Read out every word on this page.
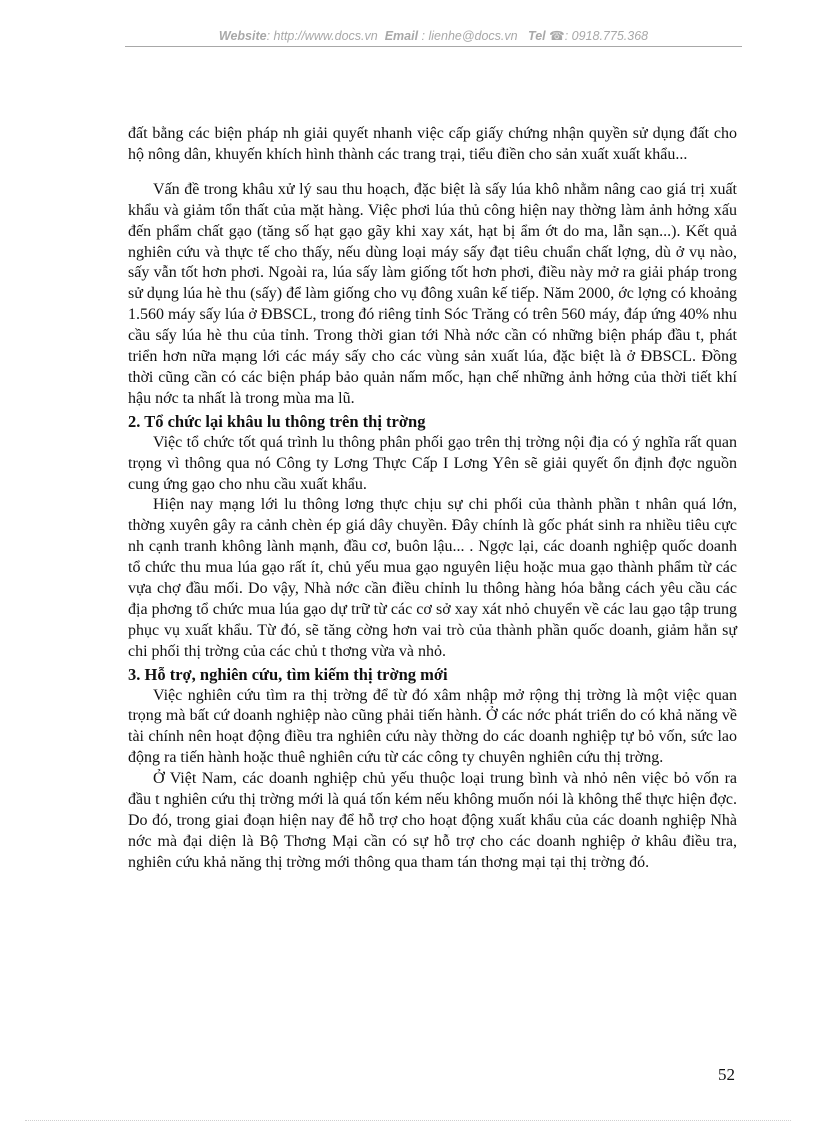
Website: http://www.docs.vn Email : lienhe@docs.vn Tel ☎: 0918.775.368

đất bằng các biện pháp nh giải quyết nhanh việc cấp giấy chứng nhận quyền sử dụng đất cho hộ nông dân, khuyến khích hình thành các trang trại, tiểu điền cho sản xuất xuất khẩu...

Vấn đề trong khâu xử lý sau thu hoạch, đặc biệt là sấy lúa khô nhằm nâng cao giá trị xuất khẩu và giảm tổn thất của mặt hàng. Việc phơi lúa thủ công hiện nay thờng làm ảnh hởng xấu đến phẩm chất gạo (tăng số hạt gạo gãy khi xay xát, hạt bị ẩm ớt do ma, lẫn sạn...). Kết quả nghiên cứu và thực tế cho thấy, nếu dùng loại máy sấy đạt tiêu chuẩn chất lợng, dù ở vụ nào, sấy vẫn tốt hơn phơi. Ngoài ra, lúa sấy làm giống tốt hơn phơi, điều này mở ra giải pháp trong sử dụng lúa hè thu (sấy) để làm giống cho vụ đông xuân kế tiếp. Năm 2000, ớc lợng có khoảng 1.560 máy sấy lúa ở ĐBSCL, trong đó riêng tỉnh Sóc Trăng có trên 560 máy, đáp ứng 40% nhu cầu sấy lúa hè thu của tỉnh. Trong thời gian tới Nhà nớc cần có những biện pháp đầu t, phát triển hơn nữa mạng lới các máy sấy cho các vùng sản xuất lúa, đặc biệt là ở ĐBSCL. Đồng thời cũng cần có các biện pháp bảo quản nấm mốc, hạn chế những ảnh hởng của thời tiết khí hậu nớc ta nhất là trong mùa ma lũ.

2. Tổ chức lại khâu lu thông trên thị trờng

Việc tổ chức tốt quá trình lu thông phân phối gạo trên thị trờng nội địa có ý nghĩa rất quan trọng vì thông qua nó Công ty Lơng Thực Cấp I Lơng Yên sẽ giải quyết ổn định đợc nguồn cung ứng gạo cho nhu cầu xuất khẩu.

Hiện nay mạng lới lu thông lơng thực chịu sự chi phối của thành phần t nhân quá lớn, thờng xuyên gây ra cảnh chèn ép giá dây chuyền. Đây chính là gốc phát sinh ra nhiều tiêu cực nh cạnh tranh không lành mạnh, đầu cơ, buôn lậu... . Ngợc lại, các doanh nghiệp quốc doanh tổ chức thu mua lúa gạo rất ít, chủ yếu mua gạo nguyên liệu hoặc mua gạo thành phẩm từ các vựa chợ đầu mối. Do vậy, Nhà nớc cần điều chỉnh lu thông hàng hóa bằng cách yêu cầu các địa phơng tổ chức mua lúa gạo dự trữ từ các cơ sở xay xát nhỏ chuyển về các lau gạo tập trung phục vụ xuất khẩu. Từ đó, sẽ tăng cờng hơn vai trò của thành phần quốc doanh, giảm hẳn sự chi phối thị trờng của các chủ t thơng vừa và nhỏ.

3. Hỗ trợ, nghiên cứu, tìm kiếm thị trờng mới

Việc nghiên cứu tìm ra thị trờng để từ đó xâm nhập mở rộng thị trờng là một việc quan trọng mà bất cứ doanh nghiệp nào cũng phải tiến hành. Ở các nớc phát triển do có khả năng về tài chính nên hoạt động điều tra nghiên cứu này thờng do các doanh nghiệp tự bỏ vốn, sức lao động ra tiến hành hoặc thuê nghiên cứu từ các công ty chuyên nghiên cứu thị trờng.

Ở Việt Nam, các doanh nghiệp chủ yếu thuộc loại trung bình và nhỏ nên việc bỏ vốn ra đầu t nghiên cứu thị trờng mới là quá tốn kém nếu không muốn nói là không thể thực hiện đợc. Do đó, trong giai đoạn hiện nay để hỗ trợ cho hoạt động xuất khẩu của các doanh nghiệp Nhà nớc mà đại diện là Bộ Thơng Mại cần có sự hỗ trợ cho các doanh nghiệp ở khâu điều tra, nghiên cứu khả năng thị trờng mới thông qua tham tán thơng mại tại thị trờng đó.

52
